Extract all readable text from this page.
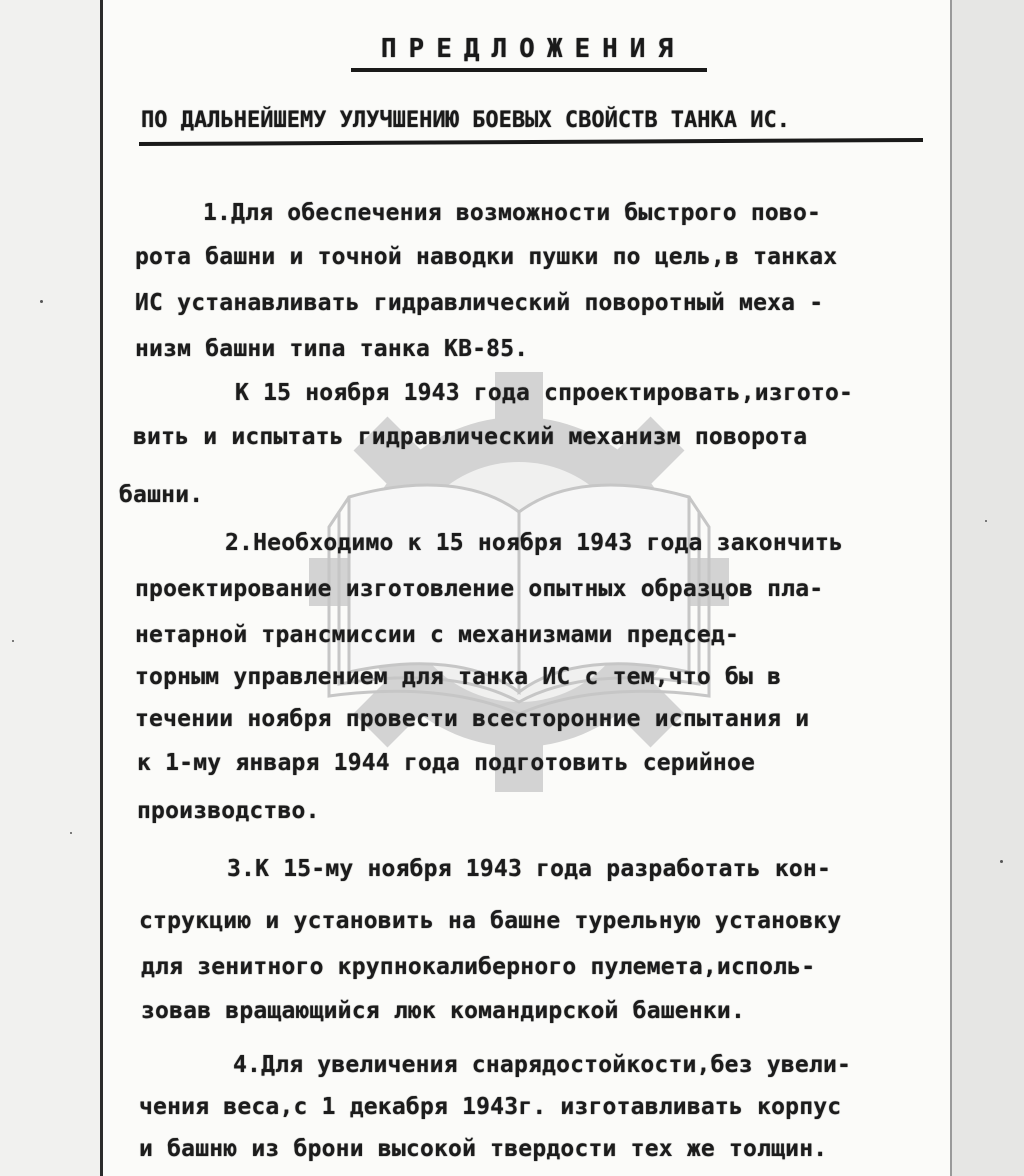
ПРЕДЛОЖЕНИЯ
ПО ДАЛЬНЕЙШЕМУ УЛУЧШЕНИЮ БОЕВЫХ СВОЙСТВ ТАНКА ИС.
1.Для обеспечения возможности быстрого пово-
рота башни и точной наводки пушки по цель,в танках
ИС устанавливать гидравлический поворотный меха -
низм башни типа танка КВ-85.
К 15 ноября 1943 года спроектировать,изгото-
вить и испытать гидравлический механизм поворота
башни.
2.Необходимо к 15 ноября 1943 года закончить
проектирование изготовление опытных образцов пла-
нетарной трансмиссии с механизмами председ-
торным управлением для танка ИС с тем,что бы в
течении ноября провести всесторонние испытания и
к 1-му января 1944 года подготовить серийное
производство.
3.К 15-му ноября 1943 года разработать кон-
струкцию и установить на башне турельную установку
для зенитного крупнокалиберного пулемета,исполь-
зовав вращающийся люк командирской башенки.
4.Для увеличения снарядостойкости,без увели-
чения веса,с 1 декабря 1943г. изготавливать корпус
и башню из брони высокой твердости тех же толщин.
